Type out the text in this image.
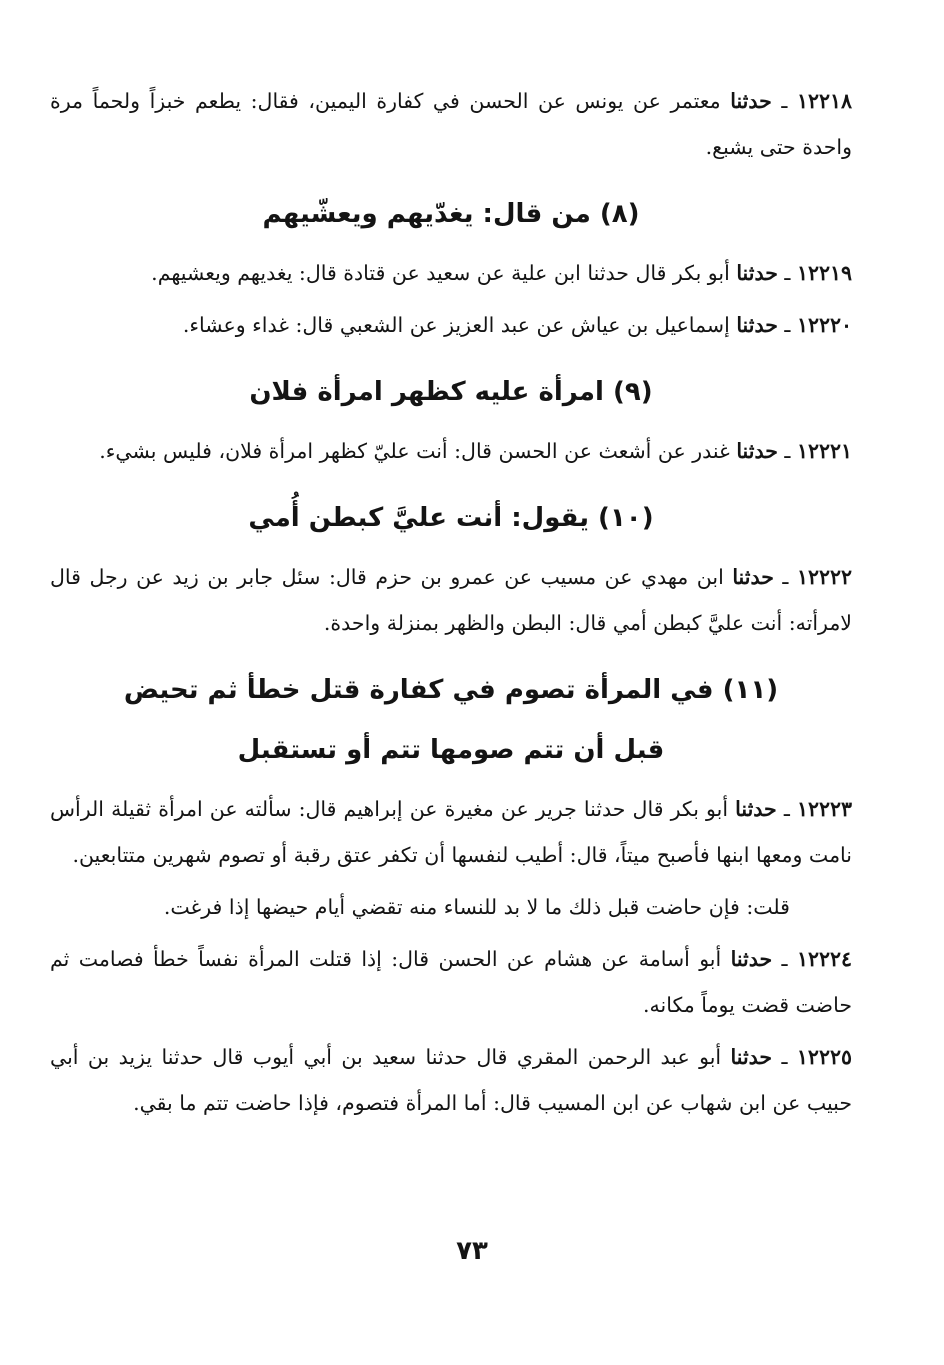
١٢٢١٨ ـ حدثنا معتمر عن يونس عن الحسن في كفارة اليمين، فقال: يطعم خبزاً ولحماً مرة واحدة حتى يشبع.

(٨) من قال: يغدّيهم ويعشّيهم

١٢٢١٩ ـ حدثنا أبو بكر قال حدثنا ابن علية عن سعيد عن قتادة قال: يغديهم ويعشيهم.

١٢٢٢٠ ـ حدثنا إسماعيل بن عياش عن عبد العزيز عن الشعبي قال: غداء وعشاء.

(٩) امرأة عليه كظهر امرأة فلان

١٢٢٢١ ـ حدثنا غندر عن أشعث عن الحسن قال: أنت عليّ كظهر امرأة فلان، فليس بشيء.

(١٠) يقول: أنت عليَّ كبطن أُمي

١٢٢٢٢ ـ حدثنا ابن مهدي عن مسيب عن عمرو بن حزم قال: سئل جابر بن زيد عن رجل قال لامرأته: أنت عليَّ كبطن أمي قال: البطن والظهر بمنزلة واحدة.

(١١) في المرأة تصوم في كفارة قتل خطأ ثم تحيض
قبل أن تتم صومها تتم أو تستقبل

١٢٢٢٣ ـ حدثنا أبو بكر قال حدثنا جرير عن مغيرة عن إبراهيم قال: سألته عن امرأة ثقيلة الرأس نامت ومعها ابنها فأصبح ميتاً، قال: أطيب لنفسها أن تكفر عتق رقبة أو تصوم شهرين متتابعين.

قلت: فإن حاضت قبل ذلك ما لا بد للنساء منه تقضي أيام حيضها إذا فرغت.

١٢٢٢٤ ـ حدثنا أبو أسامة عن هشام عن الحسن قال: إذا قتلت المرأة نفساً خطأ فصامت ثم حاضت قضت يوماً مكانه.

١٢٢٢٥ ـ حدثنا أبو عبد الرحمن المقري قال حدثنا سعيد بن أبي أيوب قال حدثنا يزيد بن أبي حبيب عن ابن شهاب عن ابن المسيب قال: أما المرأة فتصوم، فإذا حاضت تتم ما بقي.

٧٣
